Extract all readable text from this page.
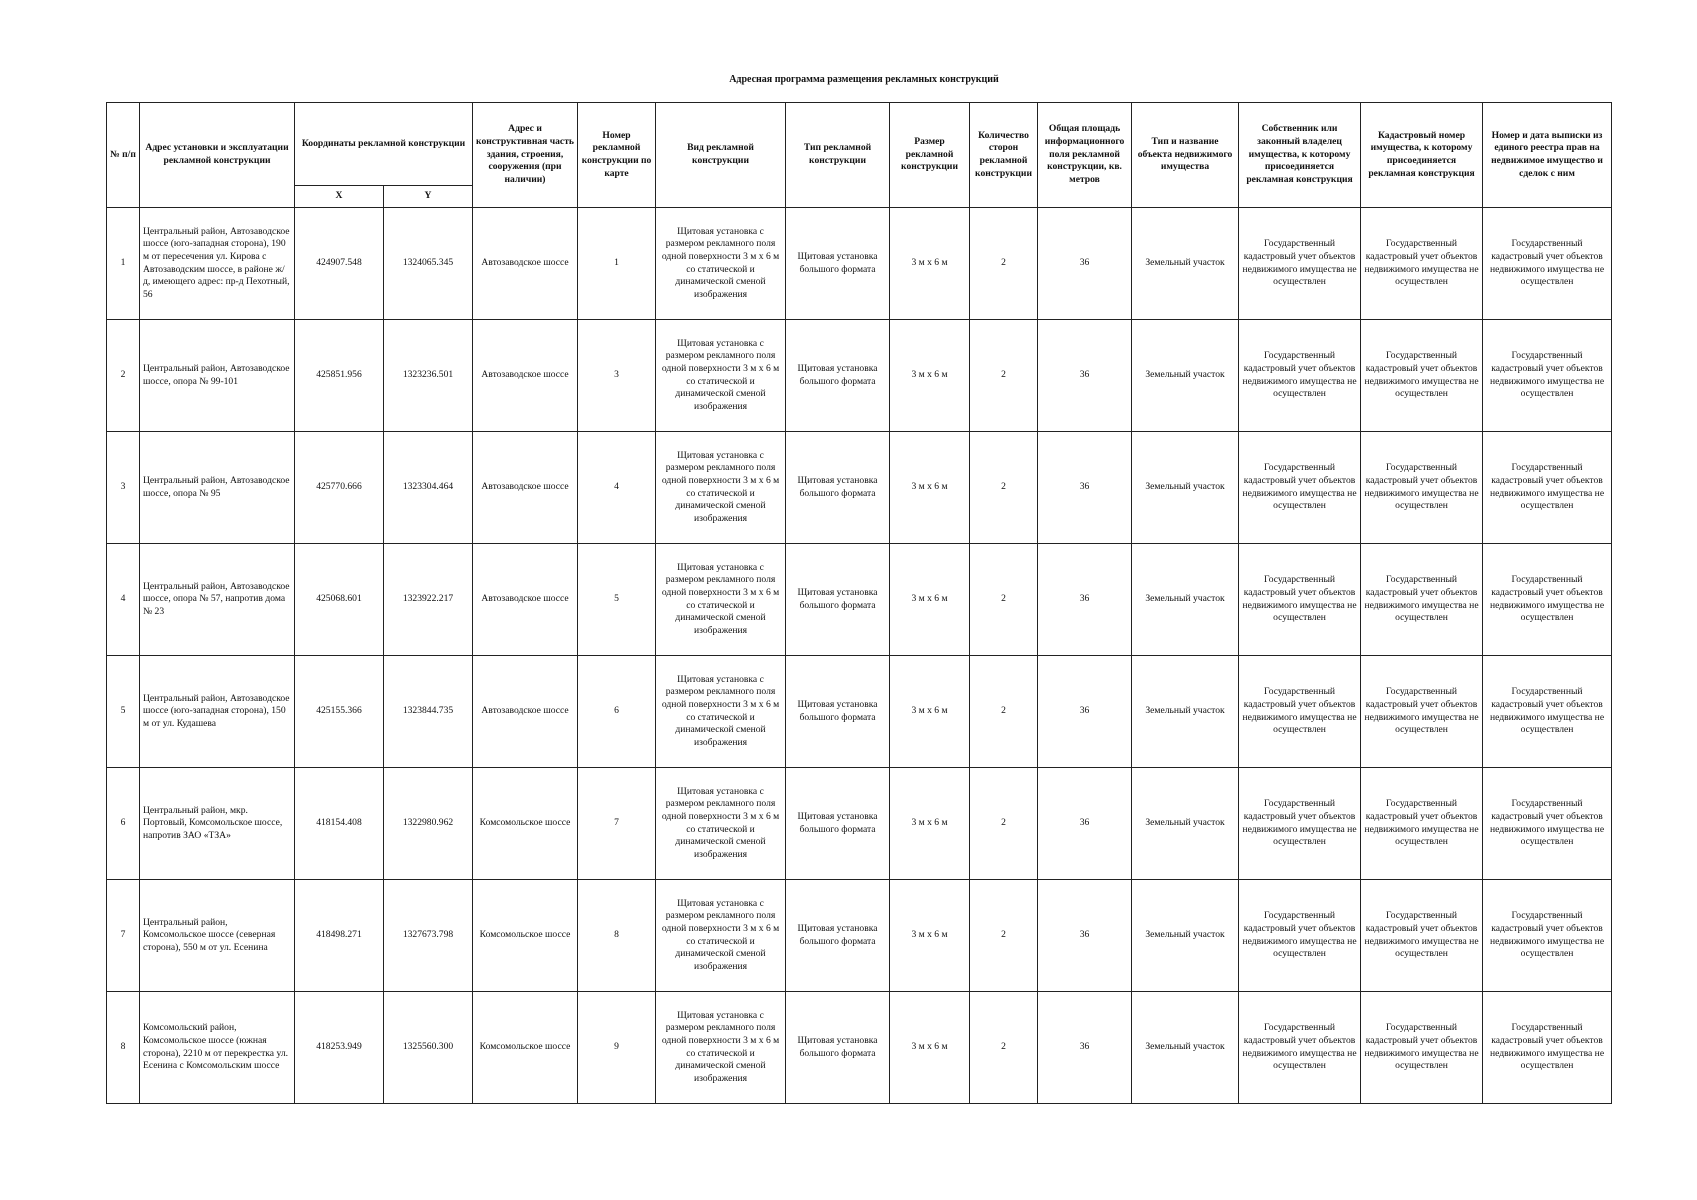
Адресная программа размещения рекламных конструкций
№ п/п	Адрес установки и эксплуатации рекламной конструкции	Координаты рекламной конструкции		Адрес и конструктивная часть здания, строения, сооружения (при наличии)	Номер рекламной конструкции по карте	Вид рекламной конструкции	Тип рекламной конструкции	Размер рекламной конструкции	Количество сторон рекламной конструкции	Общая площадь информационного поля рекламной конструкции, кв. метров	Тип и название объекта недвижимого имущества	Собственник или законный владелец имущества, к которому присоединяется рекламная конструкция	Кадастровый номер имущества, к которому присоединяется рекламная конструкция	Номер и дата выписки из единого реестра прав на недвижимое имущество и сделок с ним
		X	Y											
1	Центральный район, Автозаводское шоссе (юго-западная сторона), 190 м от пересечения ул. Кирова с Автозаводским шоссе, в районе ж/д, имеющего адрес: пр-д Пехотный, 56	424907.548	1324065.345	Автозаводское шоссе	1	Щитовая установка с размером рекламного поля одной поверхности 3 м х 6 м со статической и динамической сменой изображения	Щитовая установка большого формата	3 м х 6 м	2	36	Земельный участок	Государственный кадастровый учет объектов недвижимого имущества не осуществлен	Государственный кадастровый учет объектов недвижимого имущества не осуществлен	Государственный кадастровый учет объектов недвижимого имущества не осуществлен
2	Центральный район, Автозаводское шоссе, опора № 99-101	425851.956	1323236.501	Автозаводское шоссе	3	Щитовая установка с размером рекламного поля одной поверхности 3 м х 6 м со статической и динамической сменой изображения	Щитовая установка большого формата	3 м х 6 м	2	36	Земельный участок	Государственный кадастровый учет объектов недвижимого имущества не осуществлен	Государственный кадастровый учет объектов недвижимого имущества не осуществлен	Государственный кадастровый учет объектов недвижимого имущества не осуществлен
3	Центральный район, Автозаводское шоссе, опора № 95	425770.666	1323304.464	Автозаводское шоссе	4	Щитовая установка с размером рекламного поля одной поверхности 3 м х 6 м со статической и динамической сменой изображения	Щитовая установка большого формата	3 м х 6 м	2	36	Земельный участок	Государственный кадастровый учет объектов недвижимого имущества не осуществлен	Государственный кадастровый учет объектов недвижимого имущества не осуществлен	Государственный кадастровый учет объектов недвижимого имущества не осуществлен
4	Центральный район, Автозаводское шоссе, опора № 57, напротив дома № 23	425068.601	1323922.217	Автозаводское шоссе	5	Щитовая установка с размером рекламного поля одной поверхности 3 м х 6 м со статической и динамической сменой изображения	Щитовая установка большого формата	3 м х 6 м	2	36	Земельный участок	Государственный кадастровый учет объектов недвижимого имущества не осуществлен	Государственный кадастровый учет объектов недвижимого имущества не осуществлен	Государственный кадастровый учет объектов недвижимого имущества не осуществлен
5	Центральный район, Автозаводское шоссе (юго-западная сторона), 150 м от ул. Кудашева	425155.366	1323844.735	Автозаводское шоссе	6	Щитовая установка с размером рекламного поля одной поверхности 3 м х 6 м со статической и динамической сменой изображения	Щитовая установка большого формата	3 м х 6 м	2	36	Земельный участок	Государственный кадастровый учет объектов недвижимого имущества не осуществлен	Государственный кадастровый учет объектов недвижимого имущества не осуществлен	Государственный кадастровый учет объектов недвижимого имущества не осуществлен
6	Центральный район, мкр. Портовый, Комсомольское шоссе, напротив ЗАО «ТЗА»	418154.408	1322980.962	Комсомольское шоссе	7	Щитовая установка с размером рекламного поля одной поверхности 3 м х 6 м со статической и динамической сменой изображения	Щитовая установка большого формата	3 м х 6 м	2	36	Земельный участок	Государственный кадастровый учет объектов недвижимого имущества не осуществлен	Государственный кадастровый учет объектов недвижимого имущества не осуществлен	Государственный кадастровый учет объектов недвижимого имущества не осуществлен
7	Центральный район, Комсомольское шоссе (северная сторона), 550 м от ул. Есенина	418498.271	1327673.798	Комсомольское шоссе	8	Щитовая установка с размером рекламного поля одной поверхности 3 м х 6 м со статической и динамической сменой изображения	Щитовая установка большого формата	3 м х 6 м	2	36	Земельный участок	Государственный кадастровый учет объектов недвижимого имущества не осуществлен	Государственный кадастровый учет объектов недвижимого имущества не осуществлен	Государственный кадастровый учет объектов недвижимого имущества не осуществлен
8	Комсомольский район, Комсомольское шоссе (южная сторона), 2210 м от перекрестка ул. Есенина с Комсомольским шоссе	418253.949	1325560.300	Комсомольское шоссе	9	Щитовая установка с размером рекламного поля одной поверхности 3 м х 6 м со статической и динамической сменой изображения	Щитовая установка большого формата	3 м х 6 м	2	36	Земельный участок	Государственный кадастровый учет объектов недвижимого имущества не осуществлен	Государственный кадастровый учет объектов недвижимого имущества не осуществлен	Государственный кадастровый учет объектов недвижимого имущества не осуществлен
